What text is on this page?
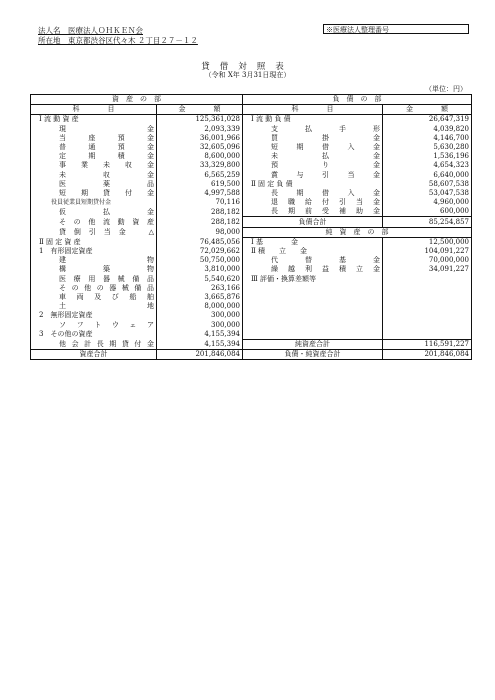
法人名　医療法人ＯＨＫＥＮ会
所在地　東京都渋谷区代々木 ２丁目２７－１２
※医療法人整理番号
貸借対照表
（令和 X年 3月31日現在）
（単位：円）
資　産　の　部		負　債　の　部	
科　　　　目	金　　　　額	科　　　　目	金　　　　額
Ⅰ 流 動 資 産	125,361,028	Ⅰ 流 動 負 債	26,647,319
現金	2,093,339	支払手形	4,039,820
当座預金	36,001,966	買掛金	4,146,700
普通預金	32,605,096	短期借入金	5,630,280
定期積金	8,600,000	未払金	1,536,196
事業未収金	33,329,800	預り金	4,654,323
未収金	6,565,259	賞与引当金	6,640,000
医薬品	619,500	Ⅱ 固 定 負 債	58,607,538
短期貸付金	4,997,588	長期借入金	53,047,538
役員従業員短期貸付金	70,116	退職給付引当金	4,960,000
仮払金	288,182	長期前受補助金	600,000
その他流動資産	288,182	負債合計	85,254,857
貸倒引当金　△	98,000	純　資　産　の　部	
Ⅱ 固 定 資 産	76,485,056	Ⅰ 基　　　　金	12,500,000
1　有形固定資産	72,029,662	Ⅱ 積　　立　　金	104,091,227
建物	50,750,000	代替基金	70,000,000
構築物	3,810,000	繰越利益積立金	34,091,227
医療用器械備品	5,540,620	Ⅲ 評価・換算差額等	
その他の器械備品	263,166		
車両及び船舶	3,665,876		
土地	8,000,000		
2　無形固定資産	300,000		
ソフトウェア	300,000		
3　その他の資産	4,155,394		
他会計長期貸付金	4,155,394	純資産合計	116,591,227
資産合計	201,846,084	負債・純資産合計	201,846,084
